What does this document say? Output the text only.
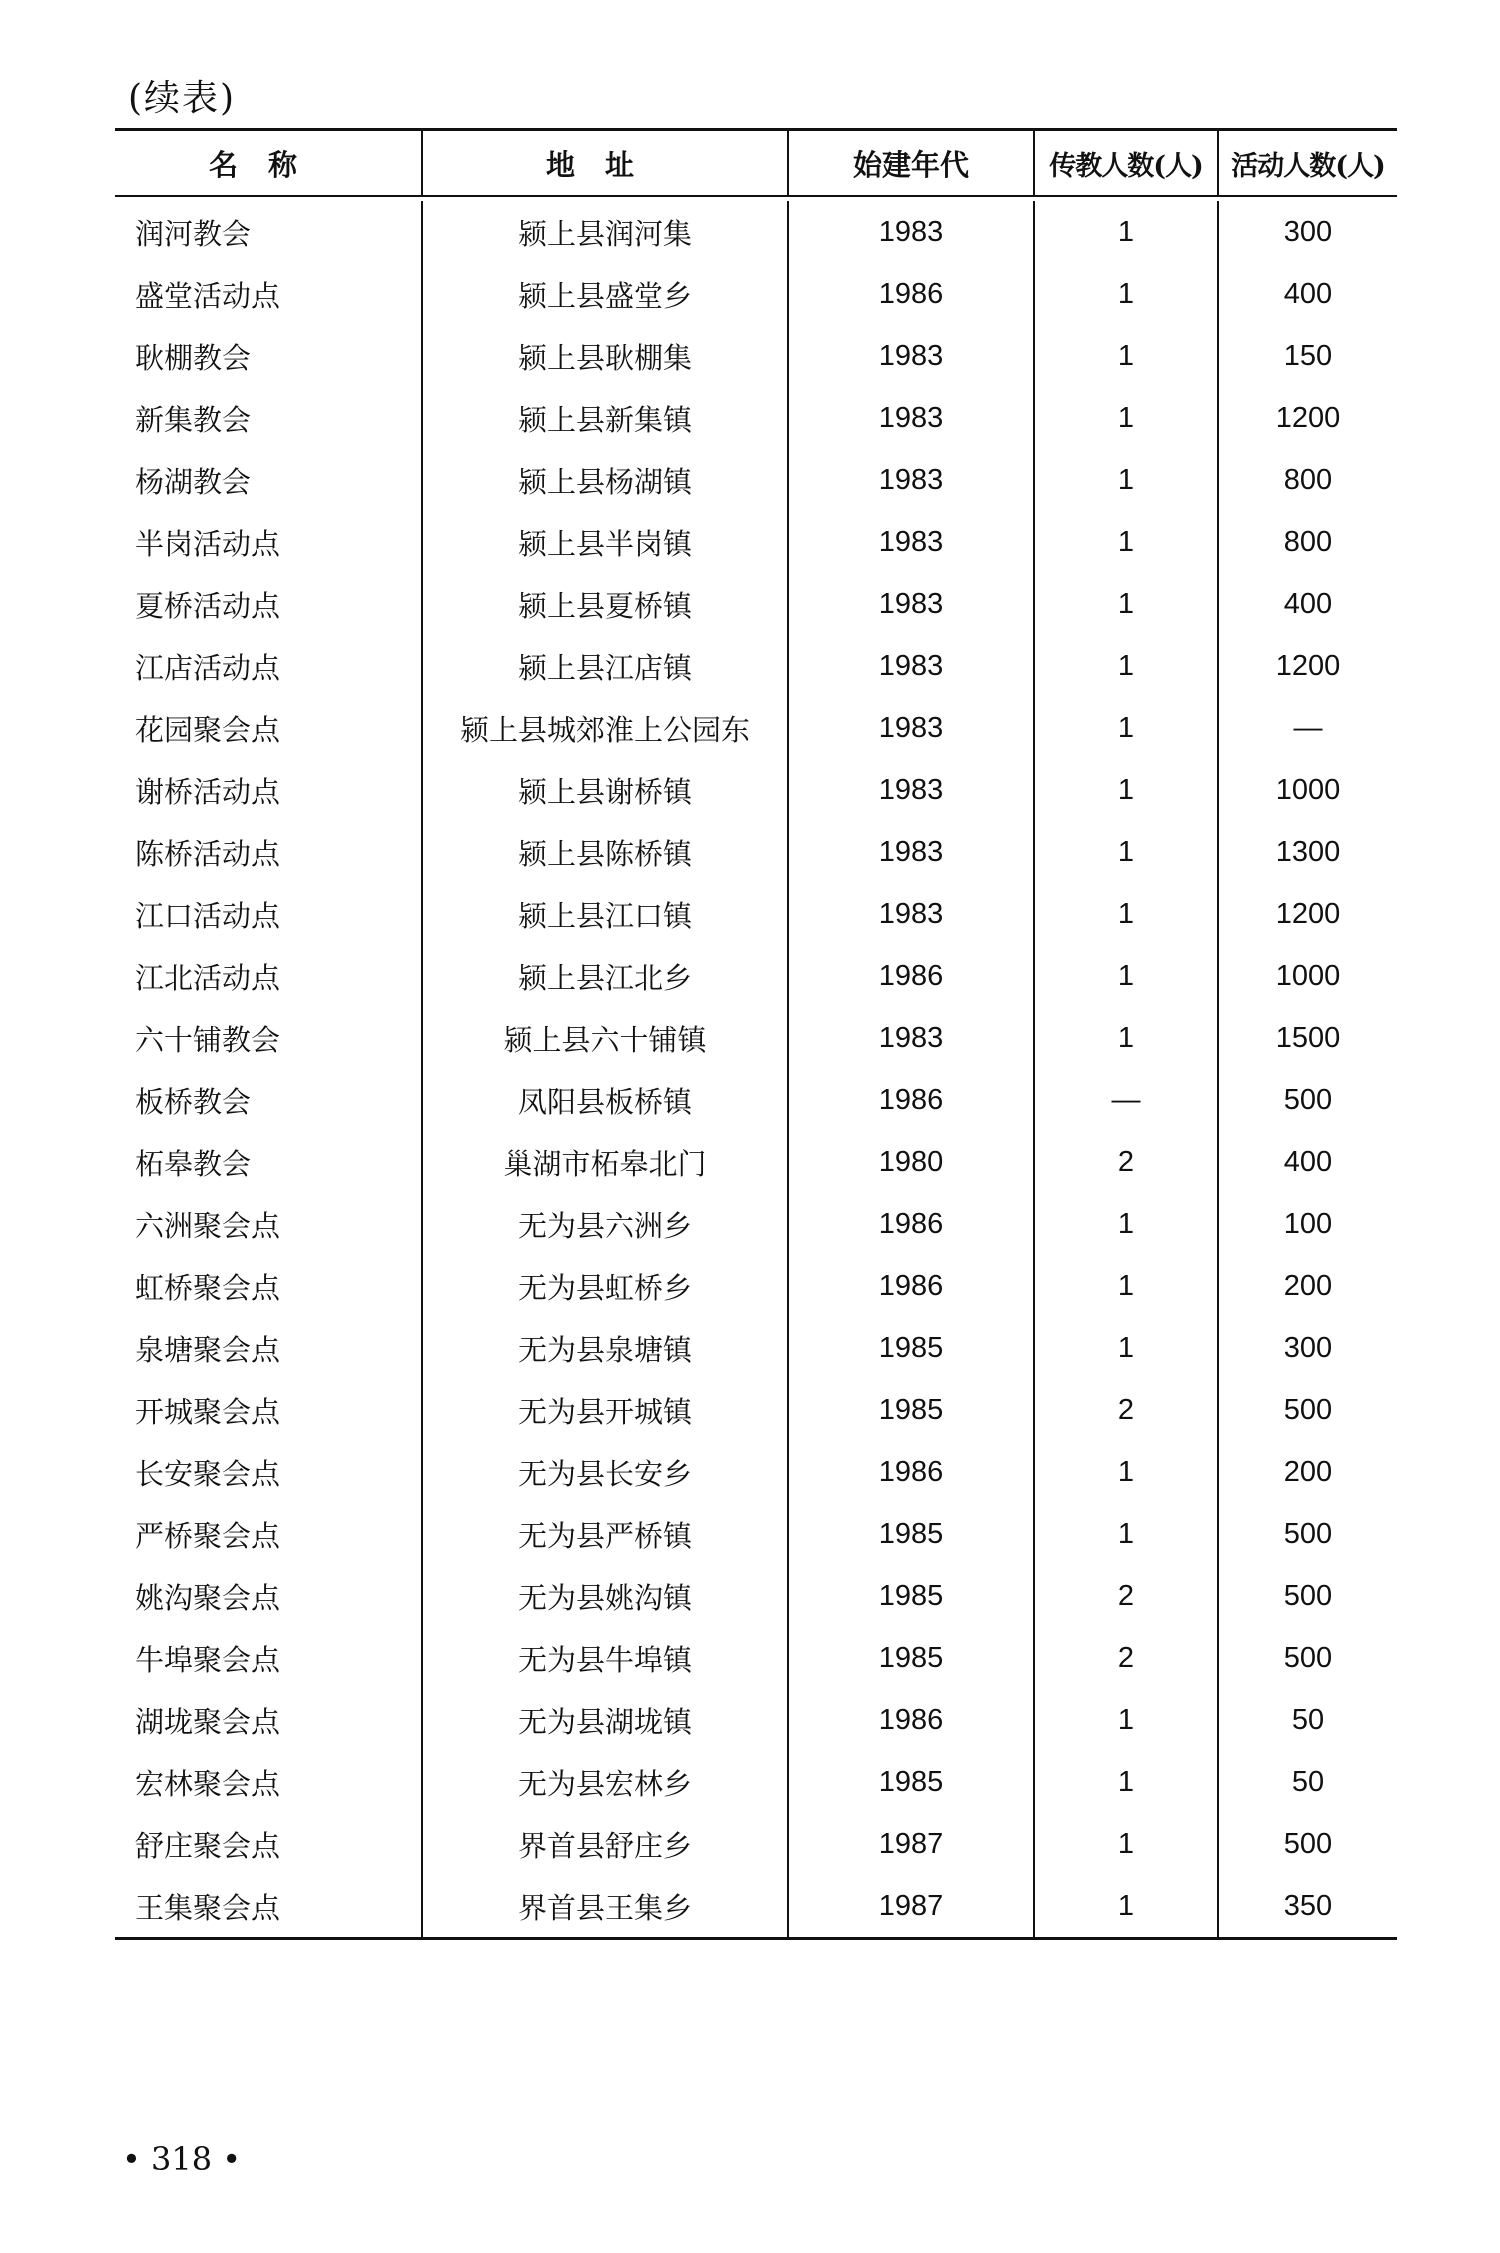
(续表)
名称	地址	始建年代	传教人数(人)	活动人数(人)
润河教会	颍上县润河集	1983	1	300
盛堂活动点	颍上县盛堂乡	1986	1	400
耿棚教会	颍上县耿棚集	1983	1	150
新集教会	颍上县新集镇	1983	1	1200
杨湖教会	颍上县杨湖镇	1983	1	800
半岗活动点	颍上县半岗镇	1983	1	800
夏桥活动点	颍上县夏桥镇	1983	1	400
江店活动点	颍上县江店镇	1983	1	1200
花园聚会点	颍上县城郊淮上公园东	1983	1	—
谢桥活动点	颍上县谢桥镇	1983	1	1000
陈桥活动点	颍上县陈桥镇	1983	1	1300
江口活动点	颍上县江口镇	1983	1	1200
江北活动点	颍上县江北乡	1986	1	1000
六十铺教会	颍上县六十铺镇	1983	1	1500
板桥教会	凤阳县板桥镇	1986	—	500
柘皋教会	巢湖市柘皋北门	1980	2	400
六洲聚会点	无为县六洲乡	1986	1	100
虹桥聚会点	无为县虹桥乡	1986	1	200
泉塘聚会点	无为县泉塘镇	1985	1	300
开城聚会点	无为县开城镇	1985	2	500
长安聚会点	无为县长安乡	1986	1	200
严桥聚会点	无为县严桥镇	1985	1	500
姚沟聚会点	无为县姚沟镇	1985	2	500
牛埠聚会点	无为县牛埠镇	1985	2	500
湖垅聚会点	无为县湖垅镇	1986	1	50
宏林聚会点	无为县宏林乡	1985	1	50
舒庄聚会点	界首县舒庄乡	1987	1	500
王集聚会点	界首县王集乡	1987	1	350
• 318 •
